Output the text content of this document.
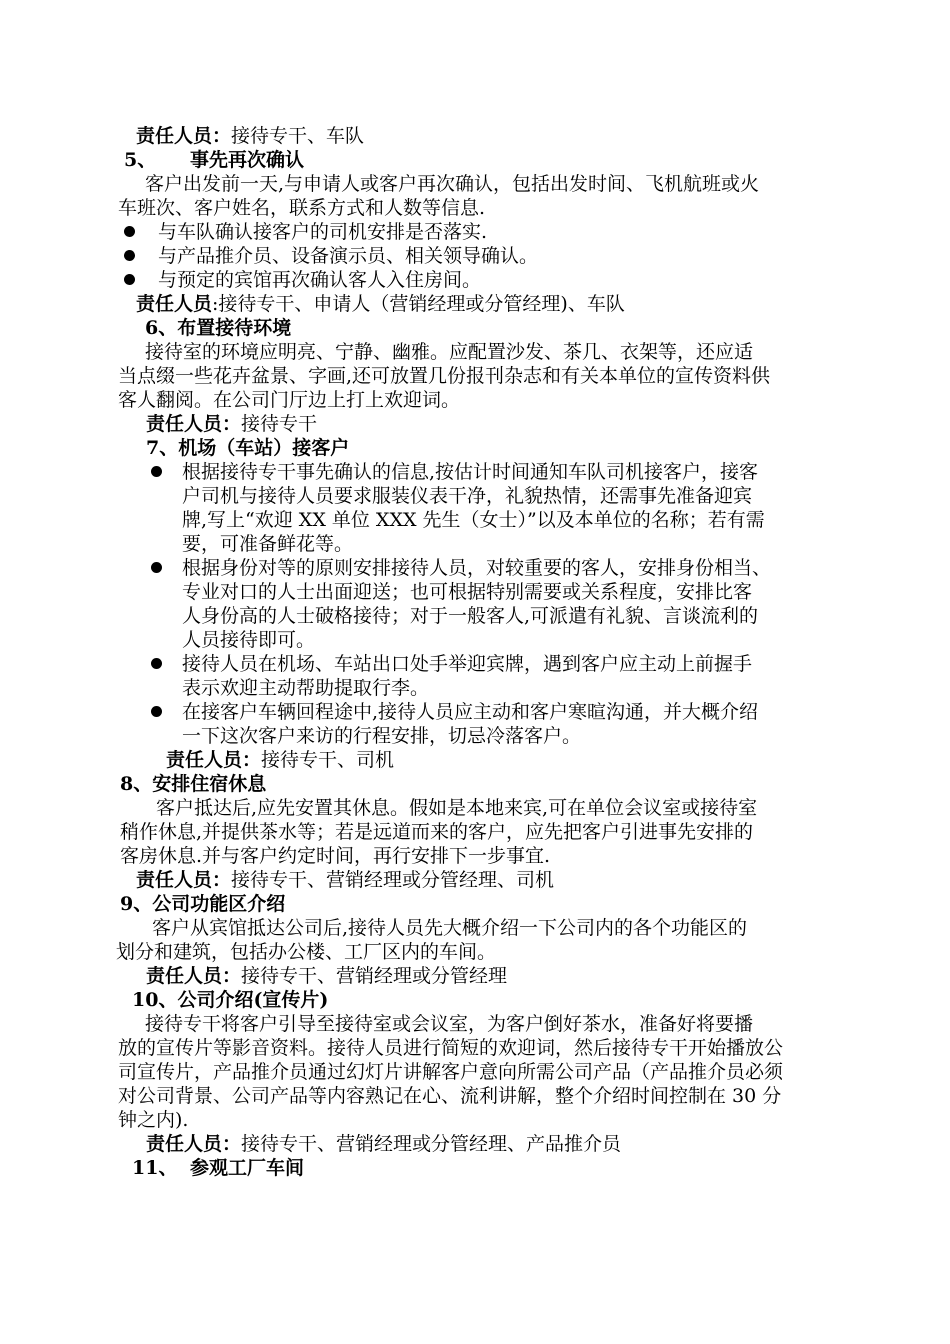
责任人员：接待专干、车队
5、 事先再次确认
客户出发前一天,与申请人或客户再次确认，包括出发时间、飞机航班或火
车班次、客户姓名，联系方式和人数等信息.
与车队确认接客户的司机安排是否落实.
与产品推介员、设备演示员、相关领导确认。
与预定的宾馆再次确认客人入住房间。
责任人员:接待专干、申请人（营销经理或分管经理)、车队
6、布置接待环境
接待室的环境应明亮、宁静、幽雅。应配置沙发、茶几、衣架等，还应适
当点缀一些花卉盆景、字画,还可放置几份报刊杂志和有关本单位的宣传资料供
客人翻阅。在公司门厅边上打上欢迎词。
责任人员：接待专干
7、机场（车站）接客户
根据接待专干事先确认的信息,按估计时间通知车队司机接客户，接客
户司机与接待人员要求服装仪表干净，礼貌热情，还需事先准备迎宾
牌,写上“欢迎 XX 单位 XXX 先生（女士）”以及本单位的名称；若有需
要，可准备鲜花等。
根据身份对等的原则安排接待人员，对较重要的客人，安排身份相当、
专业对口的人士出面迎送；也可根据特别需要或关系程度，安排比客
人身份高的人士破格接待；对于一般客人,可派遣有礼貌、言谈流利的
人员接待即可。
接待人员在机场、车站出口处手举迎宾牌，遇到客户应主动上前握手
表示欢迎主动帮助提取行李。
在接客户车辆回程途中,接待人员应主动和客户寒暄沟通，并大概介绍
一下这次客户来访的行程安排，切忌冷落客户。
责任人员：接待专干、司机
8、安排住宿休息
客户抵达后,应先安置其休息。假如是本地来宾,可在单位会议室或接待室
稍作休息,并提供茶水等；若是远道而来的客户，应先把客户引进事先安排的
客房休息.并与客户约定时间，再行安排下一步事宜.
责任人员：接待专干、营销经理或分管经理、司机
9、公司功能区介绍
客户从宾馆抵达公司后,接待人员先大概介绍一下公司内的各个功能区的
划分和建筑，包括办公楼、工厂区内的车间。
责任人员：接待专干、营销经理或分管经理
10、公司介绍(宣传片)
接待专干将客户引导至接待室或会议室，为客户倒好茶水，准备好将要播
放的宣传片等影音资料。接待人员进行简短的欢迎词，然后接待专干开始播放公
司宣传片，产品推介员通过幻灯片讲解客户意向所需公司产品（产品推介员必须
对公司背景、公司产品等内容熟记在心、流利讲解，整个介绍时间控制在 30 分
钟之内).
责任人员：接待专干、营销经理或分管经理、产品推介员
11、 参观工厂车间
